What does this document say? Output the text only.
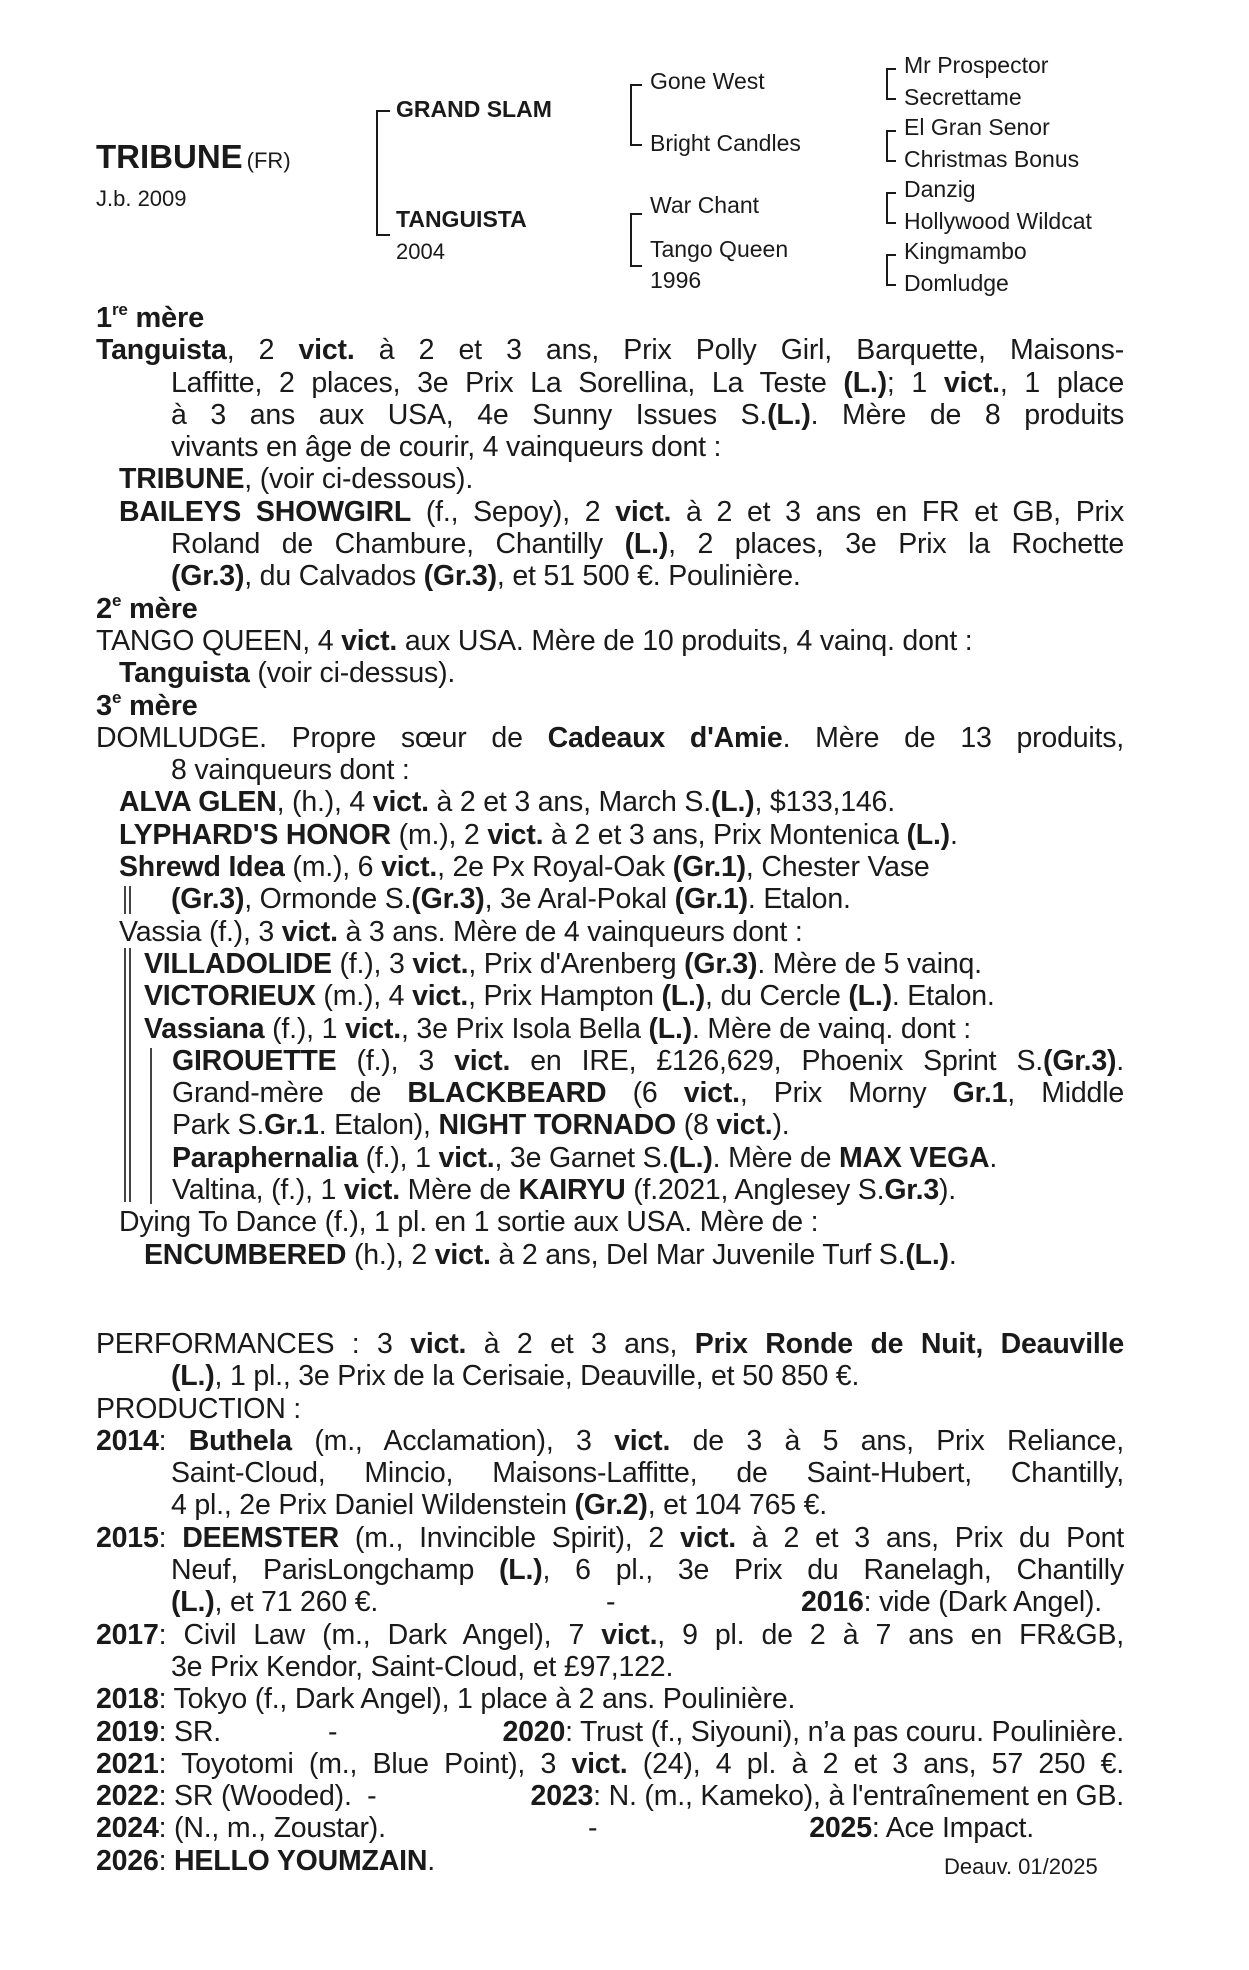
TRIBUNE (FR)
J.b. 2009
GRAND SLAM
TANGUISTA
2004
Gone West
Bright Candles
War Chant
Tango Queen
1996
Mr Prospector
Secrettame
El Gran Senor
Christmas Bonus
Danzig
Hollywood Wildcat
Kingmambo
Domludge
1re mère
Tanguista, 2 vict. à 2 et 3 ans, Prix Polly Girl, Barquette, Maisons-
Laffitte, 2 places, 3e Prix La Sorellina, La Teste (L.); 1 vict., 1 place
à 3 ans aux USA, 4e Sunny Issues S.(L.). Mère de 8 produits
vivants en âge de courir, 4 vainqueurs dont :
TRIBUNE, (voir ci-dessous).
BAILEYS SHOWGIRL (f., Sepoy), 2 vict. à 2 et 3 ans en FR et GB, Prix
Roland de Chambure, Chantilly (L.), 2 places, 3e Prix la Rochette
(Gr.3), du Calvados (Gr.3), et 51 500 €. Poulinière.
2e mère
TANGO QUEEN, 4 vict. aux USA. Mère de 10 produits, 4 vainq. dont :
Tanguista (voir ci-dessus).
3e mère
DOMLUDGE. Propre sœur de Cadeaux d'Amie. Mère de 13 produits,
8 vainqueurs dont :
ALVA GLEN, (h.), 4 vict. à 2 et 3 ans, March S.(L.), $133,146.
LYPHARD'S HONOR (m.), 2 vict. à 2 et 3 ans, Prix Montenica (L.).
Shrewd Idea (m.), 6 vict., 2e Px Royal-Oak (Gr.1), Chester Vase
(Gr.3), Ormonde S.(Gr.3), 3e Aral-Pokal (Gr.1). Etalon.
Vassia (f.), 3 vict. à 3 ans. Mère de 4 vainqueurs dont :
VILLADOLIDE (f.), 3 vict., Prix d'Arenberg (Gr.3). Mère de 5 vainq.
VICTORIEUX (m.), 4 vict., Prix Hampton (L.), du Cercle (L.). Etalon.
Vassiana (f.), 1 vict., 3e Prix Isola Bella (L.). Mère de vainq. dont :
GIROUETTE (f.), 3 vict. en IRE, £126,629, Phoenix Sprint S.(Gr.3).
Grand-mère de BLACKBEARD (6 vict., Prix Morny Gr.1, Middle
Park S.Gr.1. Etalon), NIGHT TORNADO (8 vict.).
Paraphernalia (f.), 1 vict., 3e Garnet S.(L.). Mère de MAX VEGA.
Valtina, (f.), 1 vict. Mère de KAIRYU (f.2021, Anglesey S.Gr.3).
Dying To Dance (f.), 1 pl. en 1 sortie aux USA. Mère de :
ENCUMBERED (h.), 2 vict. à 2 ans, Del Mar Juvenile Turf S.(L.).
PERFORMANCES : 3 vict. à 2 et 3 ans, Prix Ronde de Nuit, Deauville
(L.), 1 pl., 3e Prix de la Cerisaie, Deauville, et 50 850 €.
PRODUCTION :
2014: Buthela (m., Acclamation), 3 vict. de 3 à 5 ans, Prix Reliance,
Saint-Cloud, Mincio, Maisons-Laffitte, de Saint-Hubert, Chantilly,
4 pl., 2e Prix Daniel Wildenstein (Gr.2), et 104 765 €.
2015: DEEMSTER (m., Invincible Spirit), 2 vict. à 2 et 3 ans, Prix du Pont
Neuf, ParisLongchamp (L.), 6 pl., 3e Prix du Ranelagh, Chantilly
(L.), et 71 260 €.	-	2016: vide (Dark Angel).
2017: Civil Law (m., Dark Angel), 7 vict., 9 pl. de 2 à 7 ans en FR&GB,
3e Prix Kendor, Saint-Cloud, et £97,122.
2018: Tokyo (f., Dark Angel), 1 place à 2 ans. Poulinière.
2019: SR.	-	2020: Trust (f., Siyouni), n’a pas couru. Poulinière.
2021: Toyotomi (m., Blue Point), 3 vict. (24), 4 pl. à 2 et 3 ans, 57 250 €.
2022: SR (Wooded).  -	2023: N. (m., Kameko), à l'entraînement en GB.
2024: (N., m., Zoustar).	-	2025: Ace Impact.
2026: HELLO YOUMZAIN.	Deauv. 01/2025
